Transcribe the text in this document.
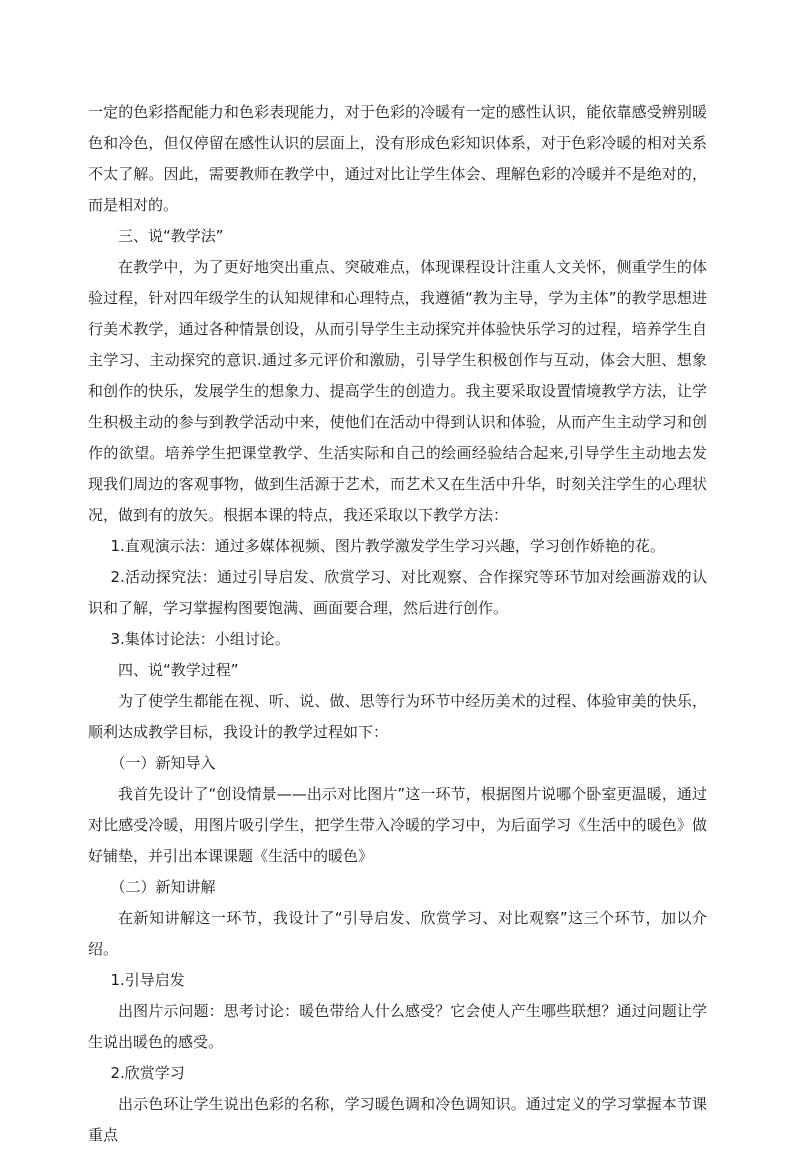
一定的色彩搭配能力和色彩表现能力，对于色彩的冷暖有一定的感性认识，能依靠感受辨别暖色和冷色，但仅停留在感性认识的层面上，没有形成色彩知识体系，对于色彩冷暖的相对关系不太了解。因此，需要教师在教学中，通过对比让学生体会、理解色彩的冷暖并不是绝对的，而是相对的。

三、说“教学法”

在教学中，为了更好地突出重点、突破难点，体现课程设计注重人文关怀，侧重学生的体验过程，针对四年级学生的认知规律和心理特点，我遵循“教为主导，学为主体”的教学思想进行美术教学，通过各种情景创设，从而引导学生主动探究并体验快乐学习的过程，培养学生自主学习、主动探究的意识.通过多元评价和激励，引导学生积极创作与互动，体会大胆、想象和创作的快乐，发展学生的想象力、提高学生的创造力。我主要采取设置情境教学方法，让学生积极主动的参与到教学活动中来，使他们在活动中得到认识和体验，从而产生主动学习和创作的欲望。培养学生把课堂教学、生活实际和自己的绘画经验结合起来,引导学生主动地去发现我们周边的客观事物，做到生活源于艺术，而艺术又在生活中升华，时刻关注学生的心理状况，做到有的放矢。根据本课的特点，我还采取以下教学方法：

1.直观演示法：通过多媒体视频、图片教学激发学生学习兴趣，学习创作娇艳的花。

2.活动探究法：通过引导启发、欣赏学习、对比观察、合作探究等环节加对绘画游戏的认识和了解，学习掌握构图要饱满、画面要合理，然后进行创作。

3.集体讨论法：小组讨论。

四、说“教学过程”

为了使学生都能在视、听、说、做、思等行为环节中经历美术的过程、体验审美的快乐，顺利达成教学目标，我设计的教学过程如下：

（一）新知导入

我首先设计了“创设情景——出示对比图片”这一环节，根据图片说哪个卧室更温暖，通过对比感受冷暖，用图片吸引学生，把学生带入冷暖的学习中，为后面学习《生活中的暖色》做好铺垫，并引出本课课题《生活中的暖色》

（二）新知讲解

在新知讲解这一环节，我设计了“引导启发、欣赏学习、对比观察”这三个环节，加以介绍。

1.引导启发

出图片示问题：思考讨论：暖色带给人什么感受？它会使人产生哪些联想？通过问题让学生说出暖色的感受。

2.欣赏学习

出示色环让学生说出色彩的名称，学习暖色调和冷色调知识。通过定义的学习掌握本节课重点
